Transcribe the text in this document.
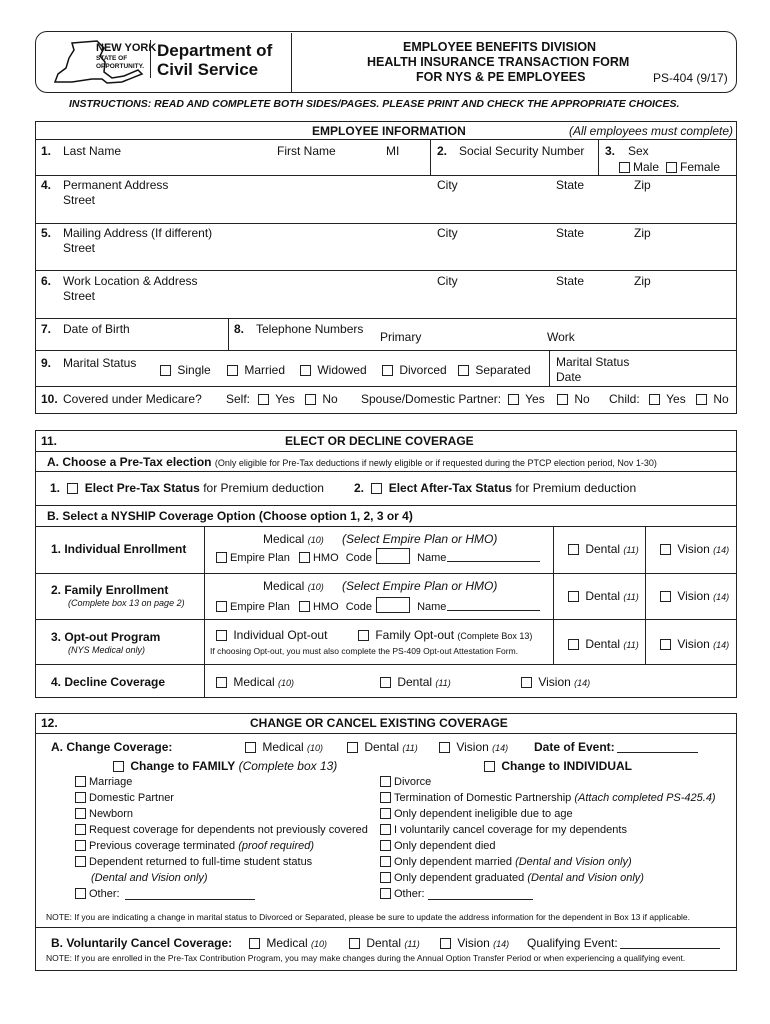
NEW YORK
STATE OF
OPPORTUNITY.
Department of
Civil Service
EMPLOYEE BENEFITS DIVISION
HEALTH INSURANCE TRANSACTION FORM
FOR NYS & PE EMPLOYEES	PS-404 (9/17)
INSTRUCTIONS: READ AND COMPLETE BOTH SIDES/PAGES. PLEASE PRINT AND CHECK THE APPROPRIATE CHOICES.
EMPLOYEE INFORMATION	(All employees must complete)
1. Last Name	First Name	MI	2. Social Security Number 3. Sex
Male	Female
4. Permanent Address
Street
City	State	Zip
5. Mailing Address (If different)
Street
City	State	Zip
6. Work Location & Address
Street
City	State	Zip
7. Date of Birth	8. Telephone Numbers
Primary	Work
9. Marital Status	Single	Married	Widowed	Divorced	Separated
Marital Status
Date
10. Covered under Medicare? Self:	Yes	No Spouse/Domestic Partner:	Yes	No Child:	Yes	No
11.	ELECT OR DECLINE COVERAGE
A. Choose a Pre-Tax election (Only eligible for Pre-Tax deductions if newly eligible or if requested during the PTCP election period, Nov 1-30)
1. Elect Pre-Tax Status for Premium deduction	2. Elect After-Tax Status for Premium deduction
B. Select a NYSHIP Coverage Option (Choose option 1, 2, 3 or 4)
1. Individual Enrollment
Medical (10) (Select Empire Plan or HMO)
Empire Plan HMO Code	Name
Dental (11)	Vision (14)
2. Family Enrollment
(Complete box 13 on page 2)
Medical (10) (Select Empire Plan or HMO)
Empire Plan HMO Code	Name
Dental (11)	Vision (14)
3. Opt-out Program
(NYS Medical only)
Individual Opt-out	Family Opt-out (Complete Box 13)
If choosing Opt-out, you must also complete the PS-409 Opt-out Attestation Form.	Dental (11)	Vision (14)
4. Decline Coverage	Medical (10)	Dental (11)	Vision (14)
12.	CHANGE OR CANCEL EXISTING COVERAGE
A. Change Coverage:	Medical (10)	Dental (11)	Vision (14) Date of Event:
Change to FAMILY (Complete box 13)	Change to INDIVIDUAL
Marriage
Domestic Partner
Newborn
Request coverage for dependents not previously covered
Previous coverage terminated (proof required)
Dependent returned to full-time student status
(Dental and Vision only)
Other:
Divorce
Termination of Domestic Partnership (Attach completed PS-425.4)
Only dependent ineligible due to age
I voluntarily cancel coverage for my dependents
Only dependent died
Only dependent married (Dental and Vision only)
Only dependent graduated (Dental and Vision only)
Other:
NOTE: If you are indicating a change in marital status to Divorced or Separated, please be sure to update the address information for the dependent in Box 13 if applicable.
B. Voluntarily Cancel Coverage:	Medical (10)	Dental (11)	Vision (14) Qualifying Event:
NOTE: If you are enrolled in the Pre-Tax Contribution Program, you may make changes during the Annual Option Transfer Period or when experiencing a qualifying event.
